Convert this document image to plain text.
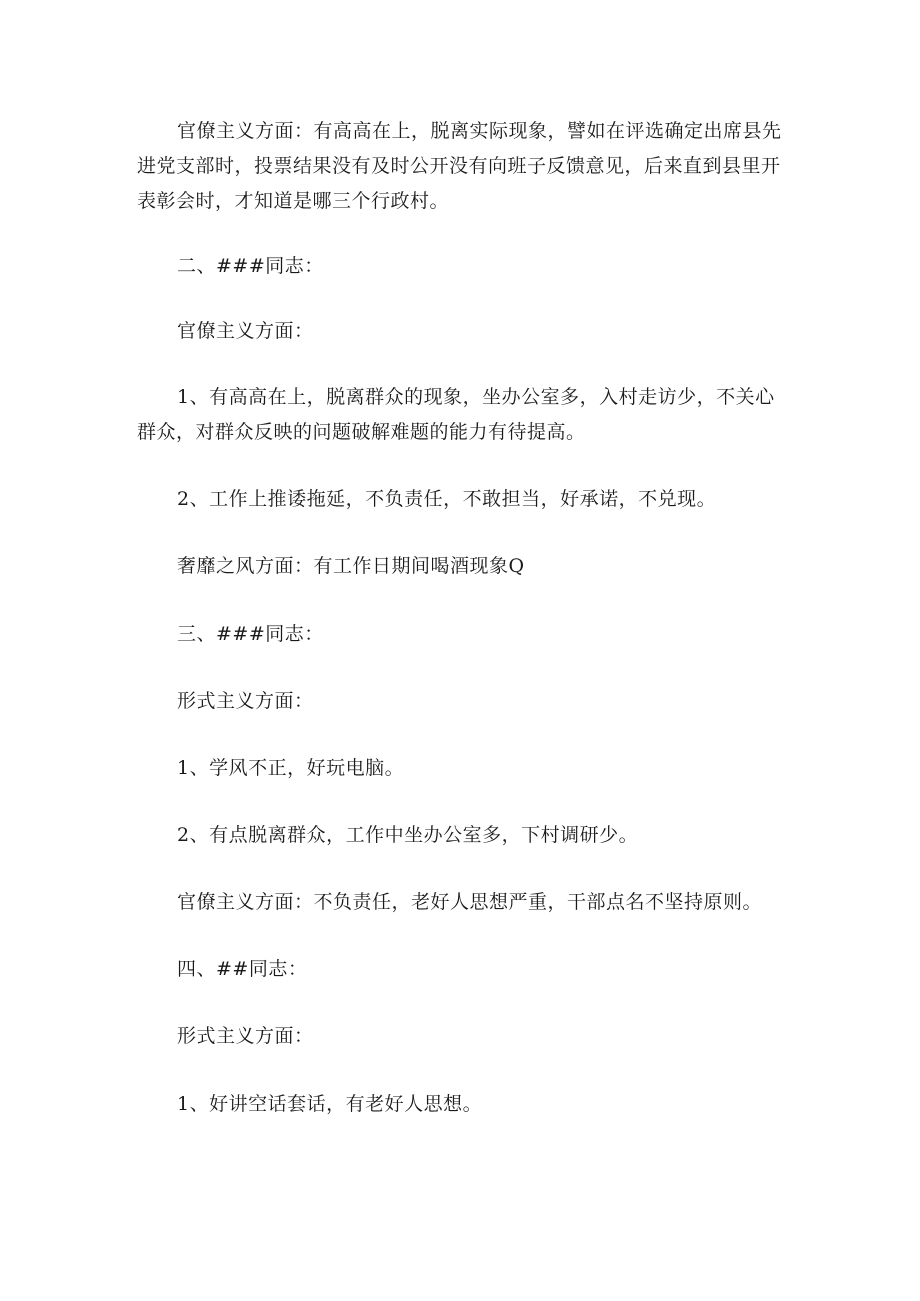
官僚主义方面：有高高在上，脱离实际现象，譬如在评选确定出席县先进党支部时，投票结果没有及时公开没有向班子反馈意见，后来直到县里开表彰会时，才知道是哪三个行政村。

二、###同志：

官僚主义方面：

1、有高高在上，脱离群众的现象，坐办公室多，入村走访少，不关心群众，对群众反映的问题破解难题的能力有待提高。

2、工作上推诿拖延，不负责任，不敢担当，好承诺，不兑现。

奢靡之风方面：有工作日期间喝酒现象Q

三、###同志：

形式主义方面：

1、学风不正，好玩电脑。

2、有点脱离群众，工作中坐办公室多，下村调研少。

官僚主义方面：不负责任，老好人思想严重，干部点名不坚持原则。

四、##同志：

形式主义方面：

1、好讲空话套话，有老好人思想。
